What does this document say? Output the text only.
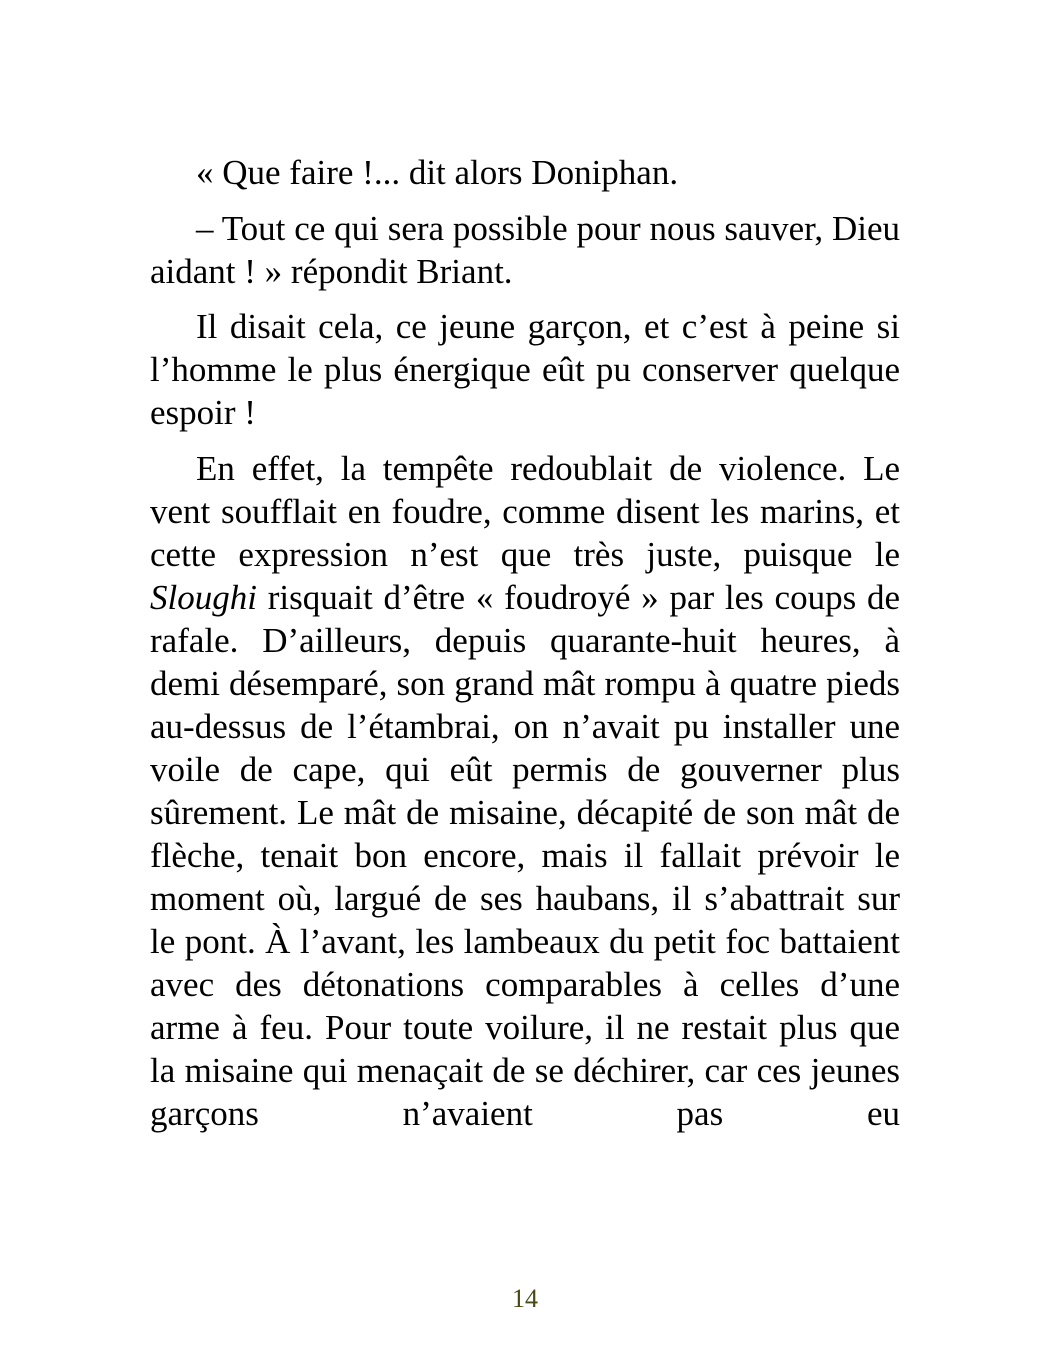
« Que faire !... dit alors Doniphan.

– Tout ce qui sera possible pour nous sauver, Dieu aidant ! » répondit Briant.

Il disait cela, ce jeune garçon, et c’est à peine si l’homme le plus énergique eût pu conserver quelque espoir !

En effet, la tempête redoublait de violence. Le vent soufflait en foudre, comme disent les marins, et cette expression n’est que très juste, puisque le Sloughi risquait d’être « foudroyé » par les coups de rafale. D’ailleurs, depuis quarante-huit heures, à demi désemparé, son grand mât rompu à quatre pieds au-dessus de l’étambrai, on n’avait pu installer une voile de cape, qui eût permis de gouverner plus sûrement. Le mât de misaine, décapité de son mât de flèche, tenait bon encore, mais il fallait prévoir le moment où, largué de ses haubans, il s’abattrait sur le pont. À l’avant, les lambeaux du petit foc battaient avec des détonations comparables à celles d’une arme à feu. Pour toute voilure, il ne restait plus que la misaine qui menaçait de se déchirer, car ces jeunes garçons n’avaient pas eu

14
